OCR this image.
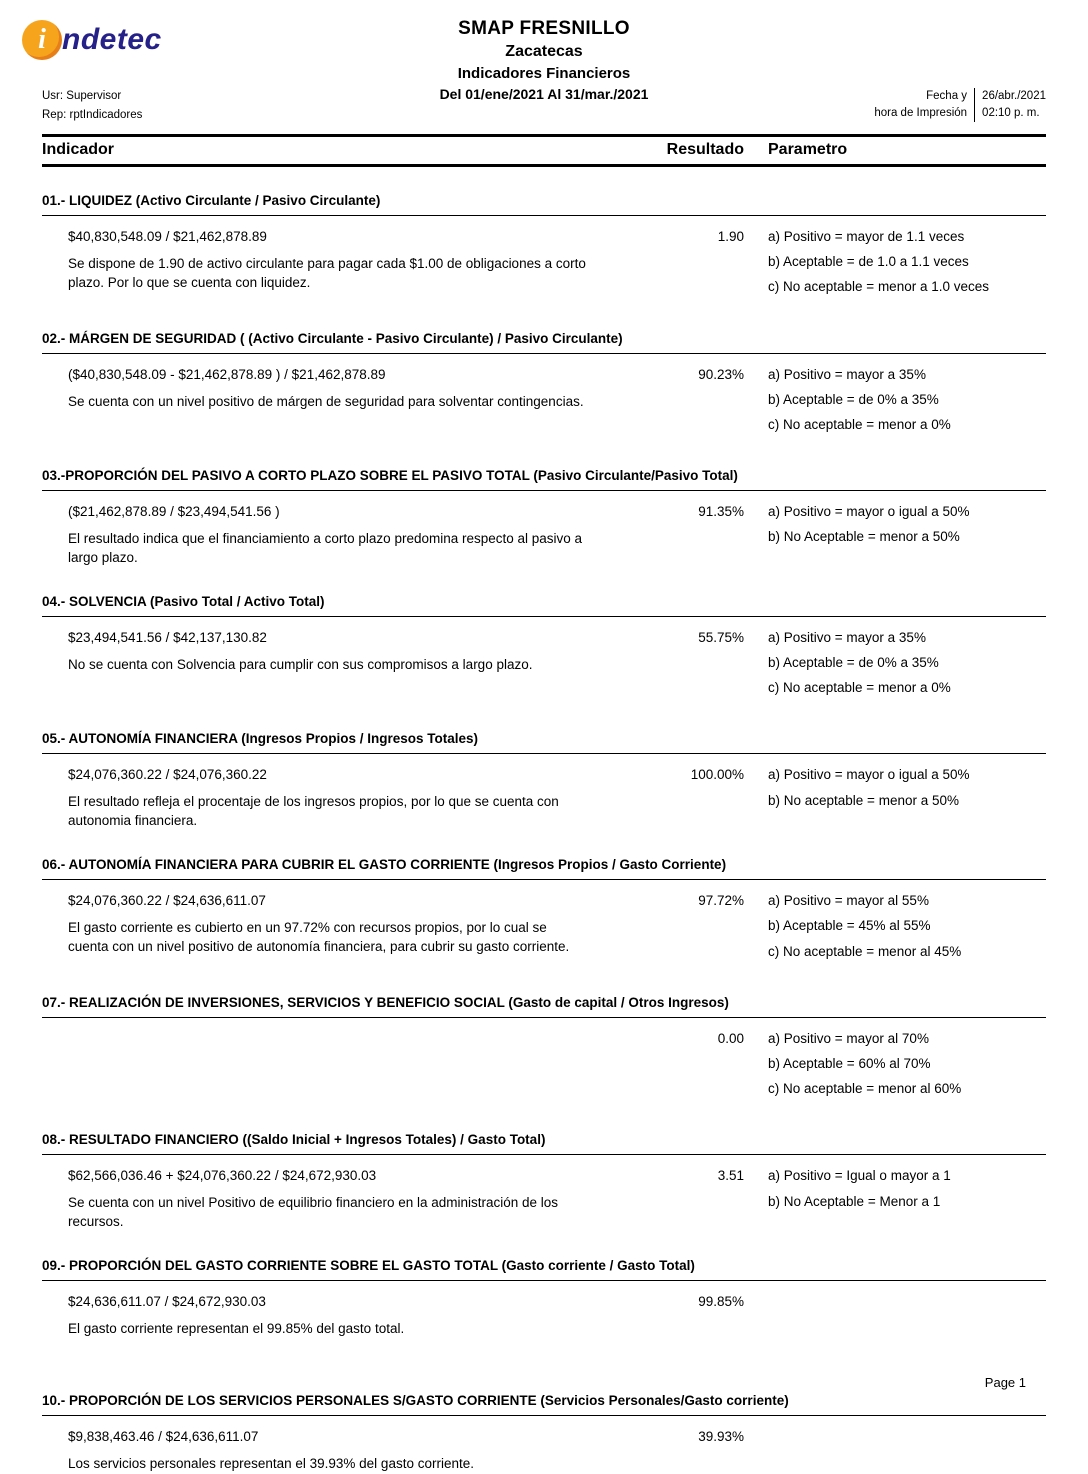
i ndetec	SMAP FRESNILLO
Zacatecas
Indicadores Financieros
Del 01/ene/2021 Al 31/mar./2021
Usr: Supervisor
Rep: rptIndicadores
Fecha y
hora de Impresión
26/abr./2021
02:10 p. m.
Indicador	Resultado Parametro
01.- LIQUIDEZ (Activo Circulante / Pasivo Circulante)
$40,830,548.09 / $21,462,878.89
Se dispone de 1.90 de activo circulante para pagar cada $1.00 de obligaciones a corto plazo. Por lo que se cuenta con liquidez.
1.90 a) Positivo = mayor de 1.1 veces
b) Aceptable = de 1.0 a 1.1 veces
c) No aceptable = menor a 1.0 veces
02.- MÁRGEN DE SEGURIDAD ( (Activo Circulante - Pasivo Circulante) / Pasivo Circulante)
($40,830,548.09 - $21,462,878.89 ) / $21,462,878.89
Se cuenta con un nivel positivo de márgen de seguridad para solventar contingencias.
90.23% a) Positivo = mayor a 35%
b) Aceptable = de 0% a 35%
c) No aceptable = menor a 0%
03.-PROPORCIÓN DEL PASIVO A CORTO PLAZO SOBRE EL PASIVO TOTAL (Pasivo Circulante/Pasivo Total)
($21,462,878.89 / $23,494,541.56 )
El resultado indica que el financiamiento a corto plazo predomina respecto al pasivo a largo plazo.
91.35% a) Positivo = mayor o igual a 50%
b) No Aceptable = menor a 50%
04.- SOLVENCIA (Pasivo Total / Activo Total)
$23,494,541.56 / $42,137,130.82
No se cuenta con Solvencia para cumplir con sus compromisos a largo plazo.
55.75% a) Positivo = mayor a 35%
b) Aceptable = de 0% a 35%
c) No aceptable = menor a 0%
05.- AUTONOMÍA FINANCIERA (Ingresos Propios / Ingresos Totales)
$24,076,360.22 / $24,076,360.22
El resultado refleja el procentaje de los ingresos propios, por lo que se cuenta con autonomia financiera.
100.00% a) Positivo = mayor o igual a 50%
b) No aceptable = menor a 50%
06.- AUTONOMÍA FINANCIERA PARA CUBRIR EL GASTO CORRIENTE (Ingresos Propios / Gasto Corriente)
$24,076,360.22 / $24,636,611.07
El gasto corriente es cubierto en un 97.72% con recursos propios, por lo cual se cuenta con un nivel positivo de autonomía financiera, para cubrir su gasto corriente.
97.72% a) Positivo = mayor al 55%
b) Aceptable = 45% al 55%
c) No aceptable = menor al 45%
07.- REALIZACIÓN DE INVERSIONES, SERVICIOS Y BENEFICIO SOCIAL (Gasto de capital / Otros Ingresos)
0.00 a) Positivo = mayor al 70%
b) Aceptable = 60% al 70%
c) No aceptable = menor al 60%
08.- RESULTADO FINANCIERO ((Saldo Inicial + Ingresos Totales) / Gasto Total)
$62,566,036.46 + $24,076,360.22 / $24,672,930.03
Se cuenta con un nivel Positivo de equilibrio financiero en la administración de los recursos.
3.51 a) Positivo = Igual o mayor a 1
b) No Aceptable = Menor a 1
09.- PROPORCIÓN DEL GASTO CORRIENTE SOBRE EL GASTO TOTAL (Gasto corriente / Gasto Total)
$24,636,611.07 / $24,672,930.03
El gasto corriente representan el 99.85% del gasto total.
99.85%
10.- PROPORCIÓN DE LOS SERVICIOS PERSONALES S/GASTO CORRIENTE (Servicios Personales/Gasto corriente)
$9,838,463.46 / $24,636,611.07
Los servicios personales representan el 39.93% del gasto corriente.
39.93%
Page 1
